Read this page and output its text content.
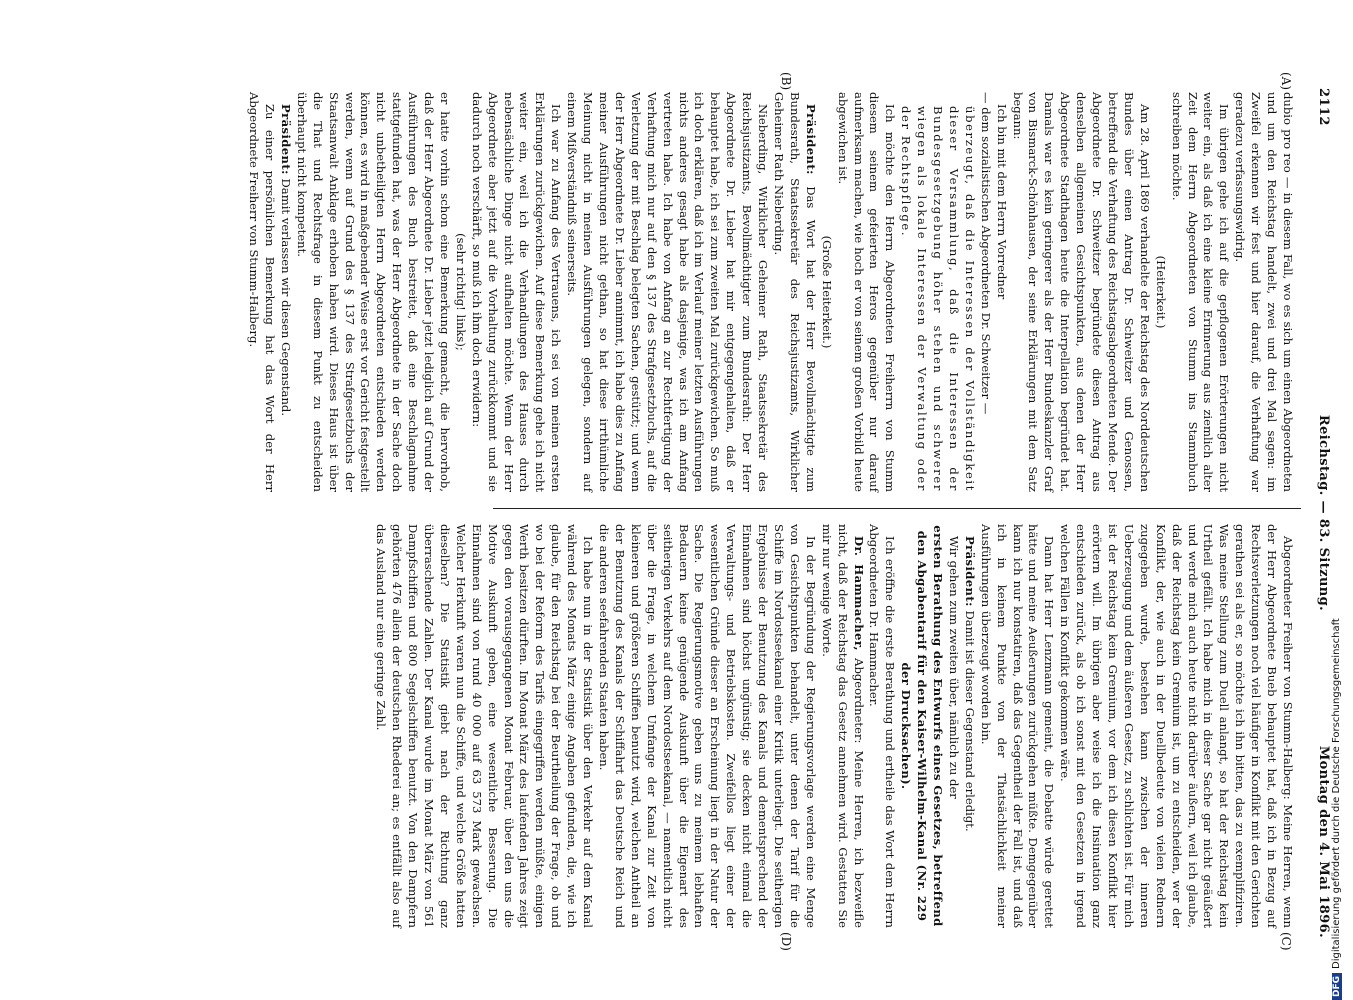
2112
Reichstag. — 83. Sitzung.
Montag den 4. Mai 1896.
(A)
(B)
(C)
(D)

dubio pro reo — in diesem Fall, wo es sich um einen Abgeordneten und um den Reichstag handelt, zwei und drei Mal sagen: im Zweifel erkennen wir fest und hier darauf, die Verhaftung war geradezu verfassungswidrig.

Im übrigen gehe ich auf die gepflogenen Erörterungen nicht weiter ein, als daß ich eine kleine Erinnerung aus ziemlich alter Zeit dem Herrn Abgeordneten von Stumm ins Stammbuch schreiben möchte.

(Heiterkeit.)

Am 28. April 1869 verhandelte der Reichstag des Norddeutschen Bundes über einen Antrag Dr. Schweitzer und Genossen, betreffend die Verhaftung des Reichstagsabgeordneten Mende. Der Abgeordnete Dr. Schweitzer begründete diesen Antrag aus denselben allgemeinen Gesichtspunkten, aus denen der Herr Abgeordnete Stadthagen heute die Interpellation begründet hat. Damals war es kein geringerer als der Herr Bundeskanzler Graf von Bismarck-Schönhausen, der seine Erklärungen mit dem Satz begann:

Ich bin mit dem Herrn Vorredner

— dem sozialistischen Abgeordneten Dr. Schweitzer —

überzeugt, daß die Interessen der Vollständigkeit dieser Versammlung, daß die Interessen der Bundesgesetzgebung höher stehen und schwerer wiegen als lokale Interessen der Verwaltung oder der Rechtspflege.

Ich möchte den Herrn Abgeordneten Freiherrn von Stumm diesem seinem gefeierten Heros gegenüber nur darauf aufmerksam machen, wie hoch er von seinem großen Vorbild heute abgewichen ist.

(Große Heiterkeit.)

Präsident: Das Wort hat der Herr Bevollmächtigte zum Bundesrath, Staatssekretär des Reichsjustizamts, Wirklicher Geheimer Rath Nieberding.

Nieberding, Wirklicher Geheimer Rath, Staatssekretär des Reichsjustizamts, Bevollmächtigter zum Bundesrath: Der Herr Abgeordnete Dr. Lieber hat mir entgegengehalten, daß er behauptet habe, ich sei zum zweiten Mal zurückgewichen. So muß ich doch erklären, daß ich im Verlauf meiner letzten Ausführungen nichts anderes gesagt habe als dasjenige, was ich am Anfang vertreten habe. Ich habe von Anfang an zur Rechtfertigung der Verhaftung mich nur auf den § 137 des Strafgesetzbuchs, auf die Verletzung der mit Beschlag belegten Sachen, gestützt; und wenn der Herr Abgeordnete Dr. Lieber annimmt, ich habe dies zu Anfang meiner Ausführungen nicht gethan, so hat diese irrthümliche Meinung nicht in meinen Ausführungen gelegen, sondern auf einem Mißverständniß seinerseits.

Ich war zu Anfang des Vertrauens, ich sei von meinen ersten Erklärungen zurückgewichen. Auf diese Bemerkung gehe ich nicht weiter ein, weil ich die Verhandlungen des Hauses durch nebensächliche Dinge nicht aufhalten möchte. Wenn der Herr Abgeordnete aber jetzt auf die Vorhaltung zurückkommt und sie dadurch noch verschärft, so muß ich ihm doch erwidern:

(sehr richtig! links);

er hatte vorhin schon eine Bemerkung gemacht, die hervorhob, daß der Herr Abgeordnete Dr. Lieber jetzt lediglich auf Grund der Ausführungen des Buch bestreitet, daß eine Beschlagnahme stattgefunden hat, was der Herr Abgeordnete in der Sache doch nicht unbetheiligten Herrn Abgeordneten entschieden werden können, es wird in maßgebender Weise erst vor Gericht festgestellt werden, wenn auf Grund des § 137 des Strafgesetzbuchs der Staatsanwalt Anklage erhoben haben wird. Dieses Haus ist über die That und Rechtsfrage in diesem Punkt zu entscheiden überhaupt nicht kompetent.

Präsident: Damit verlassen wir diesen Gegenstand.

Zu einer persönlichen Bemerkung hat das Wort der Herr Abgeordnete Freiherr von Stumm-Halberg.

Abgeordneter Freiherr von Stumm-Halberg: Meine Herren, wenn der Herr Abgeordnete Bueb behauptet hat, daß ich in Bezug auf Rechtsverletzungen noch viel häufiger in Konflikt mit den Gerichten gerathen sei als er, so möchte ich ihn bitten, das zu exemplifiziren. Was meine Stellung zum Duell anlangt, so hat der Reichstag kein Urtheil gefällt. Ich habe mich in dieser Sache gar nicht geäußert und werde mich auch heute nicht darüber äußern, weil ich glaube, daß der Reichstag kein Gremium ist, um zu entscheiden, wer der Konflikt, der, wie auch in der Duellbedeute von vielen Rednern zugegeben wurde, bestehen kann zwischen der inneren Ueberzeugung und dem äußeren Gesetz, zu schlichten ist. Für mich ist der Reichstag kein Gremium, vor dem ich diesen Konflikt hier erörtern will. Im übrigen aber weise ich die Insinuation ganz entschieden zurück, als ob ich sonst mit den Gesetzen in irgend welchen Fällen in Konflikt gekommen wäre.

Dann hat Herr Lenzmann gemeint, die Debatte würde gerettet hätte und meine Aeußerungen zurückgehen müßte. Demgegenüber kann ich nur konstatiren, daß das Gegentheil der Fall ist, und daß ich in keinem Punkte von der Thatsächlichkeit meiner Ausführungen überzeugt worden bin.

Präsident: Damit ist dieser Gegenstand erledigt.

Wir gehen zum zweiten über, nämlich zu der

ersten Berathung des Entwurfs eines Gesetzes, betreffend den Abgabentarif für den Kaiser-Wilhelm-Kanal (Nr. 229 der Drucksachen).

Ich eröffne die erste Berathung und ertheile das Wort dem Herrn Abgeordneten Dr. Hammacher.

Dr. Hammacher, Abgeordneter: Meine Herren, ich bezweifle nicht, daß der Reichstag das Gesetz annehmen wird. Gestatten Sie mir nur wenige Worte.

In der Begründung der Regierungsvorlage werden eine Menge von Gesichtspunkten behandelt, unter denen der Tarif für die Schiffe im Nordostseekanal einer Kritik unterliegt. Die seitherigen Ergebnisse der Benutzung des Kanals und dementsprechend der Einnahmen sind höchst ungünstig; sie decken nicht einmal die Verwaltungs- und Betriebskosten. Zweifellos liegt einer der wesentlichen Gründe dieser an Erscheinung liegt in der Natur der Sache. Die Regierungsmotive geben uns zu meinem lebhaften Bedauern keine genügende Auskunft über die Eigenart des seitherigen Verkehrs auf dem Nordostseekanal, — namentlich nicht über die Frage, in welchem Umfange der Kanal zur Zeit von kleineren und größeren Schiffen benutzt wird, welchen Antheil an der Benutzung des Kanals der Schiffahrt das Deutsche Reich und die anderen seefahrenden Staaten haben.

Ich habe nun in der Statistik über den Verkehr auf dem Kanal während des Monats März einige Angaben gefunden, die, wie ich glaube, für den Reichstag bei der Beurtheilung der Frage, ob und wo bei der Reform des Tarifs eingegriffen werden müßte, einigen Werth besitzen dürften. Im Monat März des laufenden Jahres zeigt gegen den vorausgegangenen Monat Februar, über den uns die Motive Auskunft geben, eine wesentliche Besserung. Die Einnahmen sind von rund 40 000 auf 63 573 Mark gewachsen. Welcher Herkunft waren nun die Schiffe, und welche Größe hatten dieselben? Die Statistik giebt nach der Richtung ganz überraschende Zahlen. Der Kanal wurde im Monat März von 561 Dampfschiffen und 800 Segelschiffen benutzt. Von den Dampfern gehörten 476 allein der deutschen Rhederei an; es entfällt also auf das Ausland nur eine geringe Zahl.

DFGDigitalisierung gefördert durch die Deutsche Forschungsgemeinschaft
